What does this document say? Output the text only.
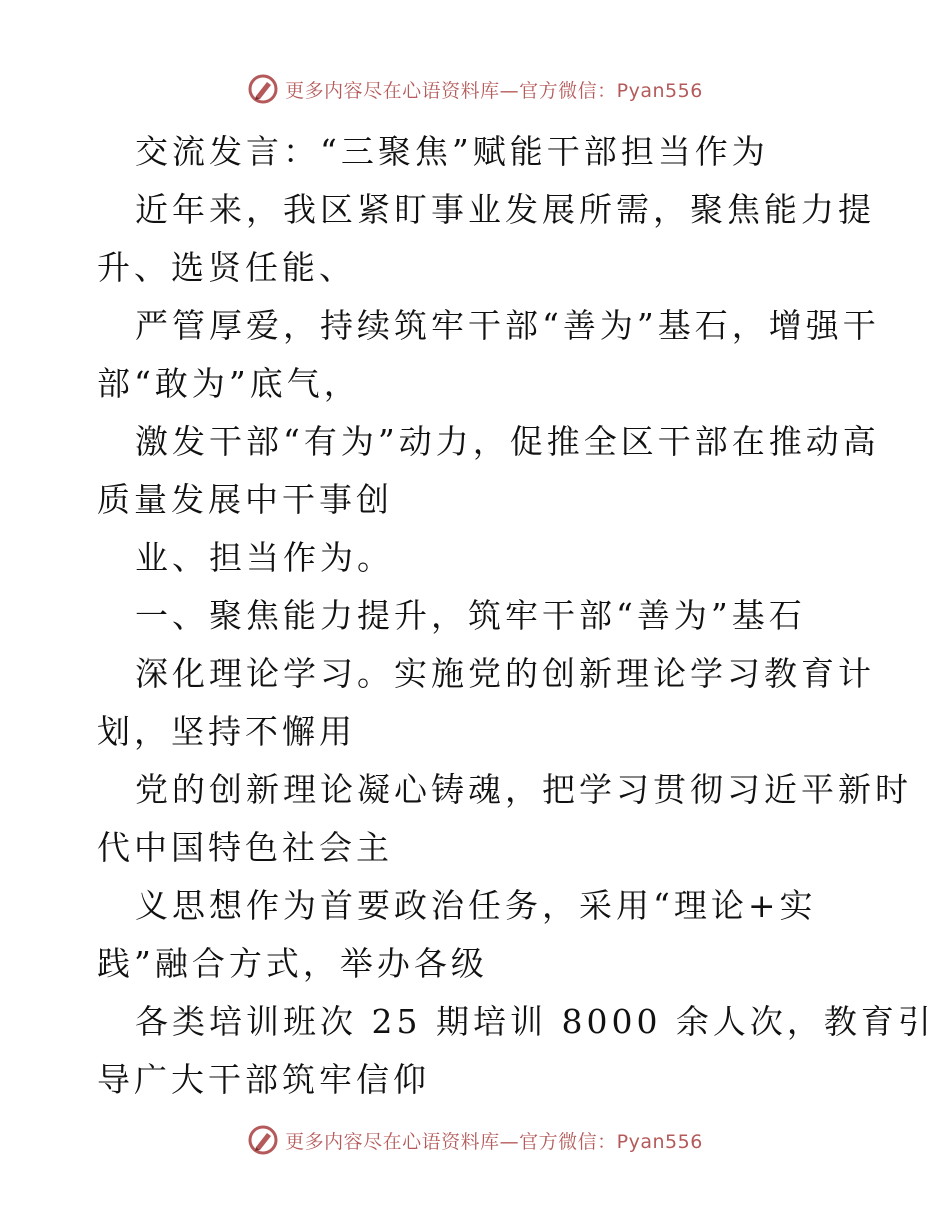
更多内容尽在心语资料库—官方微信：Pyan556
交流发言：“三聚焦”赋能干部担当作为
近年来，我区紧盯事业发展所需，聚焦能力提
升、选贤任能、
严管厚爱，持续筑牢干部“善为”基石，增强干
部“敢为”底气，
激发干部“有为”动力，促推全区干部在推动高
质量发展中干事创
业、担当作为。
一、聚焦能力提升，筑牢干部“善为”基石
深化理论学习。实施党的创新理论学习教育计
划，坚持不懈用
党的创新理论凝心铸魂，把学习贯彻习近平新时
代中国特色社会主
义思想作为首要政治任务，采用“理论+实
践”融合方式，举办各级
各类培训班次 25 期培训 8000 余人次，教育引
导广大干部筑牢信仰
更多内容尽在心语资料库—官方微信：Pyan556
